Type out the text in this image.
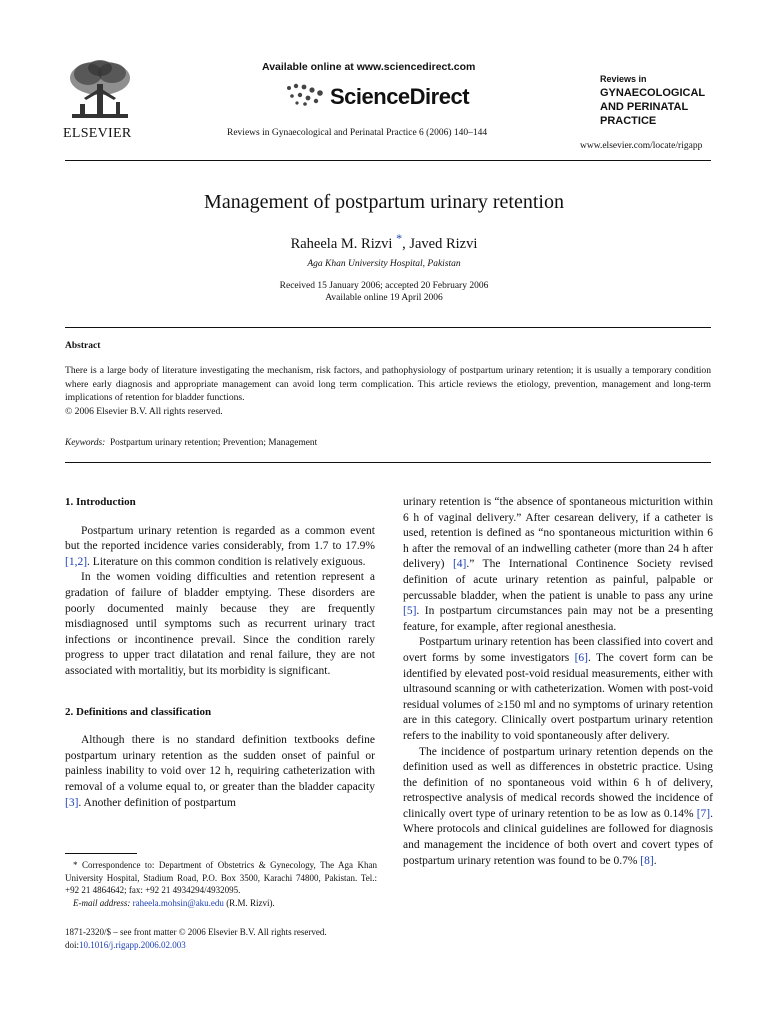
ELSEVIER
Available online at www.sciencedirect.com
ScienceDirect
Reviews in Gynaecological and Perinatal Practice 6 (2006) 140–144
Reviews in
GYNAECOLOGICAL
AND PERINATAL
PRACTICE
www.elsevier.com/locate/rigapp
Management of postpartum urinary retention
Raheela M. Rizvi *, Javed Rizvi
Aga Khan University Hospital, Pakistan
Received 15 January 2006; accepted 20 February 2006
Available online 19 April 2006
Abstract
There is a large body of literature investigating the mechanism, risk factors, and pathophysiology of postpartum urinary retention; it is usually a temporary condition where early diagnosis and appropriate management can avoid long term complication. This article reviews the etiology, prevention, management and long-term implications of retention for bladder functions.
© 2006 Elsevier B.V. All rights reserved.
Keywords: Postpartum urinary retention; Prevention; Management

1. Introduction

Postpartum urinary retention is regarded as a common event but the reported incidence varies considerably, from 1.7 to 17.9% [1,2]. Literature on this common condition is relatively exiguous.

In the women voiding difficulties and retention represent a gradation of failure of bladder emptying. These disorders are poorly documented mainly because they are frequently misdiagnosed until symptoms such as recurrent urinary tract infections or incontinence prevail. Since the condition rarely progress to upper tract dilatation and renal failure, they are not associated with mortalitiy, but its morbidity is significant.

2. Definitions and classification

Although there is no standard definition textbooks define postpartum urinary retention as the sudden onset of painful or painless inability to void over 12 h, requiring catheterization with removal of a volume equal to, or greater than the bladder capacity [3]. Another definition of postpartum

urinary retention is “the absence of spontaneous micturition within 6 h of vaginal delivery.” After cesarean delivery, if a catheter is used, retention is defined as “no spontaneous micturition within 6 h after the removal of an indwelling catheter (more than 24 h after delivery) [4].” The International Continence Society revised definition of acute urinary retention as painful, palpable or percussable bladder, when the patient is unable to pass any urine [5]. In postpartum circumstances pain may not be a presenting feature, for example, after regional anesthesia.

Postpartum urinary retention has been classified into covert and overt forms by some investigators [6]. The covert form can be identified by elevated post-void residual measurements, either with ultrasound scanning or with catheterization. Women with post-void residual volumes of ≥150 ml and no symptoms of urinary retention are in this category. Clinically overt postpartum urinary retention refers to the inability to void spontaneously after delivery.

The incidence of postpartum urinary retention depends on the definition used as well as differences in obstetric practice. Using the definition of no spontaneous void within 6 h of delivery, retrospective analysis of medical records showed the incidence of clinically overt type of urinary retention to be as low as 0.14% [7]. Where protocols and clinical guidelines are followed for diagnosis and management the incidence of both overt and covert types of postpartum urinary retention was found to be 0.7% [8].

* Correspondence to: Department of Obstetrics & Gynecology, The Aga Khan University Hospital, Stadium Road, P.O. Box 3500, Karachi 74800, Pakistan. Tel.: +92 21 4864642; fax: +92 21 4934294/4932095.
E-mail address: raheela.mohsin@aku.edu (R.M. Rizvi).
1871-2320/$ – see front matter © 2006 Elsevier B.V. All rights reserved.
doi:10.1016/j.rigapp.2006.02.003
